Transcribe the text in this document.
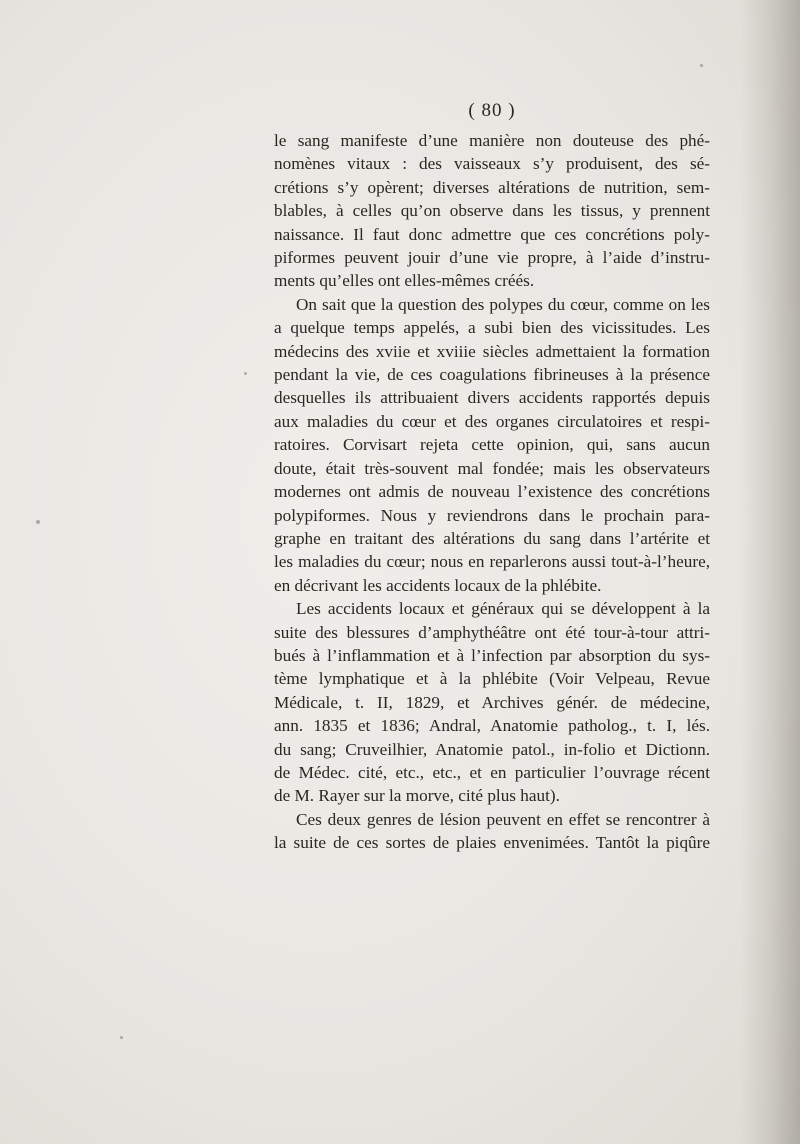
( 80 )
le sang manifeste d’une manière non douteuse des phé-
nomènes vitaux : des vaisseaux s’y produisent, des sé-
crétions s’y opèrent; diverses altérations de nutrition, sem-
blables, à celles qu’on observe dans les tissus, y prennent
naissance. Il faut donc admettre que ces concrétions poly-
piformes peuvent jouir d’une vie propre, à l’aide d’instru-
ments qu’elles ont elles-mêmes créés.
On sait que la question des polypes du cœur, comme on les
a quelque temps appelés, a subi bien des vicissitudes. Les
médecins des xviie et xviiie siècles admettaient la formation
pendant la vie, de ces coagulations fibrineuses à la présence
desquelles ils attribuaient divers accidents rapportés depuis
aux maladies du cœur et des organes circulatoires et respi-
ratoires. Corvisart rejeta cette opinion, qui, sans aucun
doute, était très-souvent mal fondée; mais les observateurs
modernes ont admis de nouveau l’existence des concrétions
polypiformes. Nous y reviendrons dans le prochain para-
graphe en traitant des altérations du sang dans l’artérite et
les maladies du cœur; nous en reparlerons aussi tout-à-l’heure,
en décrivant les accidents locaux de la phlébite.
Les accidents locaux et généraux qui se développent à la
suite des blessures d’amphythéâtre ont été tour-à-tour attri-
bués à l’inflammation et à l’infection par absorption du sys-
tème lymphatique et à la phlébite (Voir Velpeau, Revue
Médicale, t. II, 1829, et Archives génér. de médecine,
ann. 1835 et 1836; Andral, Anatomie patholog., t. I, lés.
du sang; Cruveilhier, Anatomie patol., in-folio et Dictionn.
de Médec. cité, etc., etc., et en particulier l’ouvrage récent
de M. Rayer sur la morve, cité plus haut).
Ces deux genres de lésion peuvent en effet se rencontrer à
la suite de ces sortes de plaies envenimées. Tantôt la piqûre
